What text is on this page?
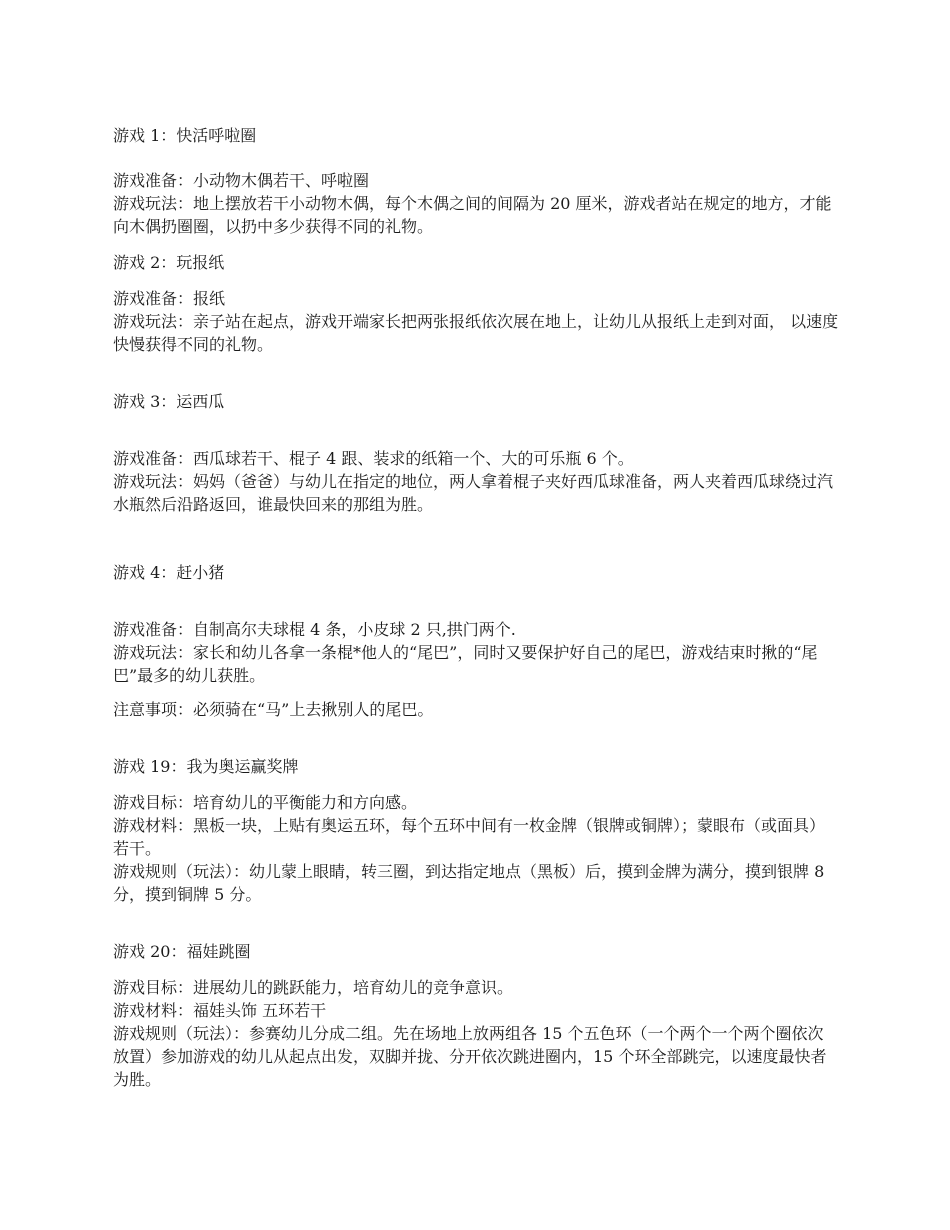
游戏 1：快活呼啦圈

游戏准备：小动物木偶若干、呼啦圈

游戏玩法：地上摆放若干小动物木偶，每个木偶之间的间隔为 20 厘米，游戏者站在规定的地方，才能向木偶扔圈圈，以扔中多少获得不同的礼物。

游戏 2：玩报纸

游戏准备：报纸

游戏玩法：亲子站在起点，游戏开端家长把两张报纸依次展在地上，让幼儿从报纸上走到对面， 以速度快慢获得不同的礼物。

游戏 3：运西瓜

游戏准备：西瓜球若干、棍子 4 跟、装求的纸箱一个、大的可乐瓶 6 个。

游戏玩法：妈妈（爸爸）与幼儿在指定的地位，两人拿着棍子夹好西瓜球准备，两人夹着西瓜球绕过汽水瓶然后沿路返回，谁最快回来的那组为胜。

游戏 4：赶小猪

游戏准备：自制高尔夫球棍 4 条，小皮球 2 只,拱门两个.

游戏玩法：家长和幼儿各拿一条棍*他人的“尾巴”，同时又要保护好自己的尾巴，游戏结束时揪的“尾巴”最多的幼儿获胜。

注意事项：必须骑在“马”上去揪别人的尾巴。

游戏 19：我为奥运赢奖牌

游戏目标：培育幼儿的平衡能力和方向感。

游戏材料：黑板一块，上贴有奥运五环，每个五环中间有一枚金牌（银牌或铜牌）；蒙眼布（或面具）若干。

游戏规则（玩法）：幼儿蒙上眼睛，转三圈，到达指定地点（黑板）后，摸到金牌为满分，摸到银牌 8 分，摸到铜牌 5 分。

游戏 20：福娃跳圈

游戏目标：进展幼儿的跳跃能力，培育幼儿的竞争意识。

游戏材料：福娃头饰 五环若干

游戏规则（玩法）：参赛幼儿分成二组。先在场地上放两组各 15 个五色环（一个两个一个两个圈依次放置）参加游戏的幼儿从起点出发，双脚并拢、分开依次跳进圈内，15 个环全部跳完，以速度最快者为胜。
